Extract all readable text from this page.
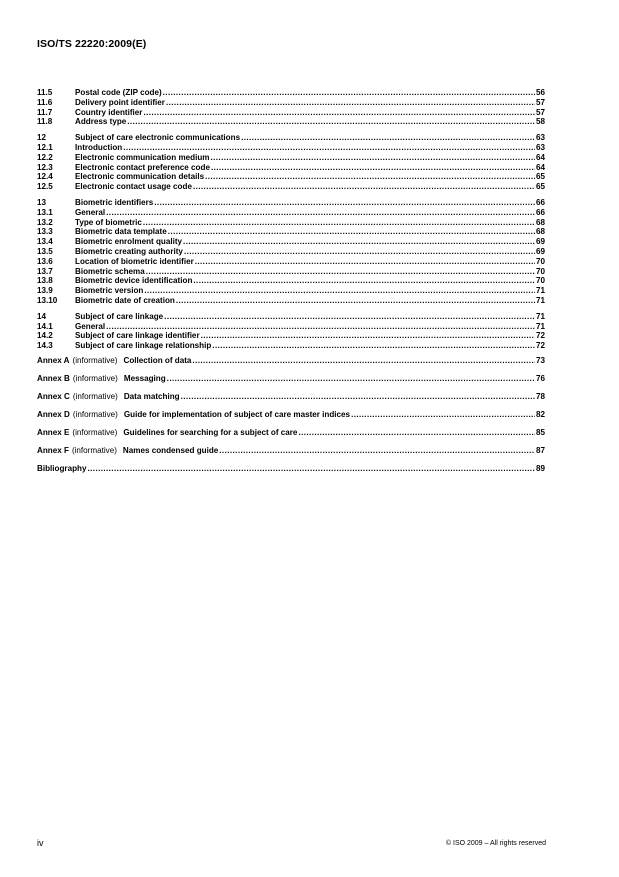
ISO/TS 22220:2009(E)
11.5	Postal code (ZIP code) .....	56
11.6	Delivery point identifier .....	57
11.7	Country identifier .....	57
11.8	Address type .....	58
12	Subject of care electronic communications .....	63
12.1	Introduction .....	63
12.2	Electronic communication medium .....	64
12.3	Electronic contact preference code .....	64
12.4	Electronic communication details .....	65
12.5	Electronic contact usage code .....	65
13	Biometric identifiers .....	66
13.1	General .....	66
13.2	Type of biometric .....	68
13.3	Biometric data template .....	68
13.4	Biometric enrolment quality .....	69
13.5	Biometric creating authority .....	69
13.6	Location of biometric identifier .....	70
13.7	Biometric schema .....	70
13.8	Biometric device identification .....	70
13.9	Biometric version .....	71
13.10	Biometric date of creation .....	71
14	Subject of care linkage .....	71
14.1	General .....	71
14.2	Subject of care linkage identifier .....	72
14.3	Subject of care linkage relationship .....	72
Annex A (informative) Collection of data .....	73
Annex B (informative) Messaging .....	76
Annex C (informative) Data matching .....	78
Annex D (informative) Guide for implementation of subject of care master indices .....	82
Annex E (informative) Guidelines for searching for a subject of care .....	85
Annex F (informative) Names condensed guide .....	87
Bibliography .....	89
iv	© ISO 2009 – All rights reserved
